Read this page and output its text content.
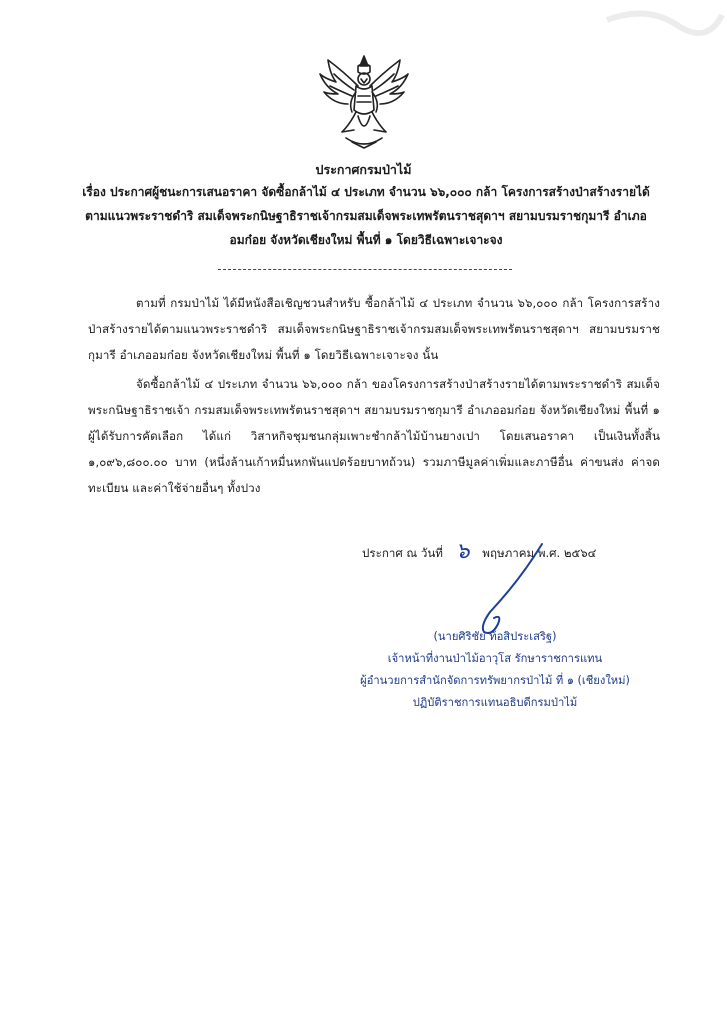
ประกาศกรมป่าไม้
เรื่อง ประกาศผู้ชนะการเสนอราคา จัดซื้อกล้าไม้ ๔ ประเภท จำนวน ๖๖,๐๐๐ กล้า โครงการสร้างป่าสร้างรายได้
ตามแนวพระราชดำริ สมเด็จพระกนิษฐาธิราชเจ้ากรมสมเด็จพระเทพรัตนราชสุดาฯ สยามบรมราชกุมารี อำเภอ
อมก๋อย จังหวัดเชียงใหม่ พื้นที่ ๑ โดยวิธีเฉพาะเจาะจง
ตามที่ กรมป่าไม้ ได้มีหนังสือเชิญชวนสำหรับ ซื้อกล้าไม้ ๔ ประเภท จำนวน ๖๖,๐๐๐ กล้า โครงการสร้างป่าสร้างรายได้ตามแนวพระราชดำริ สมเด็จพระกนิษฐาธิราชเจ้ากรมสมเด็จพระเทพรัตนราชสุดาฯ สยามบรมราชกุมารี อำเภออมก๋อย จังหวัดเชียงใหม่ พื้นที่ ๑ โดยวิธีเฉพาะเจาะจง นั้น
จัดซื้อกล้าไม้ ๔ ประเภท จำนวน ๖๖,๐๐๐ กล้า ของโครงการสร้างป่าสร้างรายได้ตามพระราชดำริ สมเด็จพระกนิษฐาธิราชเจ้า กรมสมเด็จพระเทพรัตนราชสุดาฯ สยามบรมราชกุมารี อำเภออมก๋อย จังหวัดเชียงใหม่ พื้นที่ ๑ ผู้ได้รับการคัดเลือก ได้แก่ วิสาหกิจชุมชนกลุ่มเพาะชำกล้าไม้บ้านยางเปา โดยเสนอราคา เป็นเงินทั้งสิ้น ๑,๐๙๖,๘๐๐.๐๐ บาท (หนึ่งล้านเก้าหมื่นหกพันแปดร้อยบาทถ้วน) รวมภาษีมูลค่าเพิ่มและภาษีอื่น ค่าขนส่ง ค่าจดทะเบียน และค่าใช้จ่ายอื่นๆ ทั้งปวง
ประกาศ ณ วันที่ ๖ พฤษภาคม พ.ศ. ๒๕๖๔
(นายศิริชัย ท้อสิประเสริฐ)
เจ้าหน้าที่งานป่าไม้อาวุโส รักษาราชการแทน
ผู้อำนวยการสำนักจัดการทรัพยากรป่าไม้ ที่ ๑ (เชียงใหม่)
ปฏิบัติราชการแทนอธิบดีกรมป่าไม้
